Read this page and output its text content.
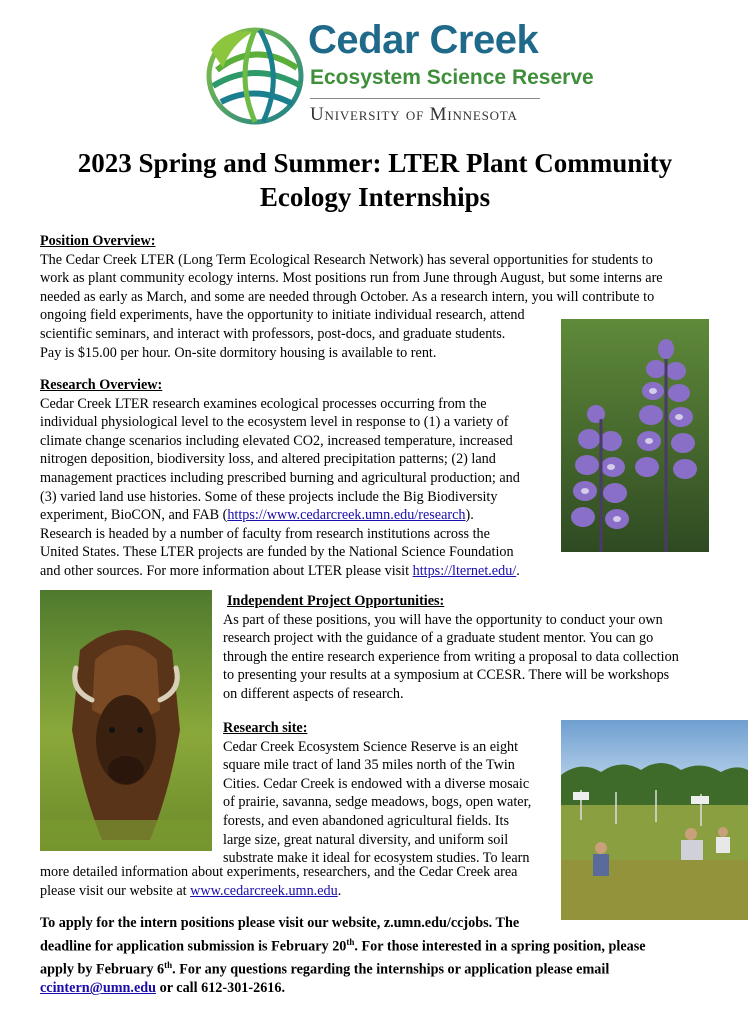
Cedar Creek
Ecosystem Science Reserve
University of Minnesota
2023 Spring and Summer: LTER Plant Community
Ecology Internships
Position Overview:
The Cedar Creek LTER (Long Term Ecological Research Network) has several opportunities for students to
work as plant community ecology interns. Most positions run from June through August, but some interns are
needed as early as March, and some are needed through October. As a research intern, you will contribute to
ongoing field experiments, have the opportunity to initiate individual research, attend
scientific seminars, and interact with professors, post-docs, and graduate students.
Pay is $15.00 per hour. On-site dormitory housing is available to rent.
Research Overview:
Cedar Creek LTER research examines ecological processes occurring from the
individual physiological level to the ecosystem level in response to (1) a variety of
climate change scenarios including elevated CO2, increased temperature, increased
nitrogen deposition, biodiversity loss, and altered precipitation patterns; (2) land
management practices including prescribed burning and agricultural production; and
(3) varied land use histories. Some of these projects include the Big Biodiversity
experiment, BioCON, and FAB (https://www.cedarcreek.umn.edu/research).
Research is headed by a number of faculty from research institutions across the
United States. These LTER projects are funded by the National Science Foundation
and other sources. For more information about LTER please visit https://lternet.edu/.
Independent Project Opportunities:
As part of these positions, you will have the opportunity to conduct your own
research project with the guidance of a graduate student mentor. You can go
through the entire research experience from writing a proposal to data collection
to presenting your results at a symposium at CCESR. There will be workshops
on different aspects of research.
Research site:
Cedar Creek Ecosystem Science Reserve is an eight
square mile tract of land 35 miles north of the Twin
Cities. Cedar Creek is endowed with a diverse mosaic
of prairie, savanna, sedge meadows, bogs, open water,
forests, and even abandoned agricultural fields. Its
large size, great natural diversity, and uniform soil
substrate make it ideal for ecosystem studies. To learn
more detailed information about experiments, researchers, and the Cedar Creek area
please visit our website at www.cedarcreek.umn.edu.
To apply for the intern positions please visit our website, z.umn.edu/ccjobs. The
deadline for application submission is February 20th. For those interested in a spring position, please
apply by February 6th. For any questions regarding the internships or application please email
ccintern@umn.edu or call 612-301-2616.
